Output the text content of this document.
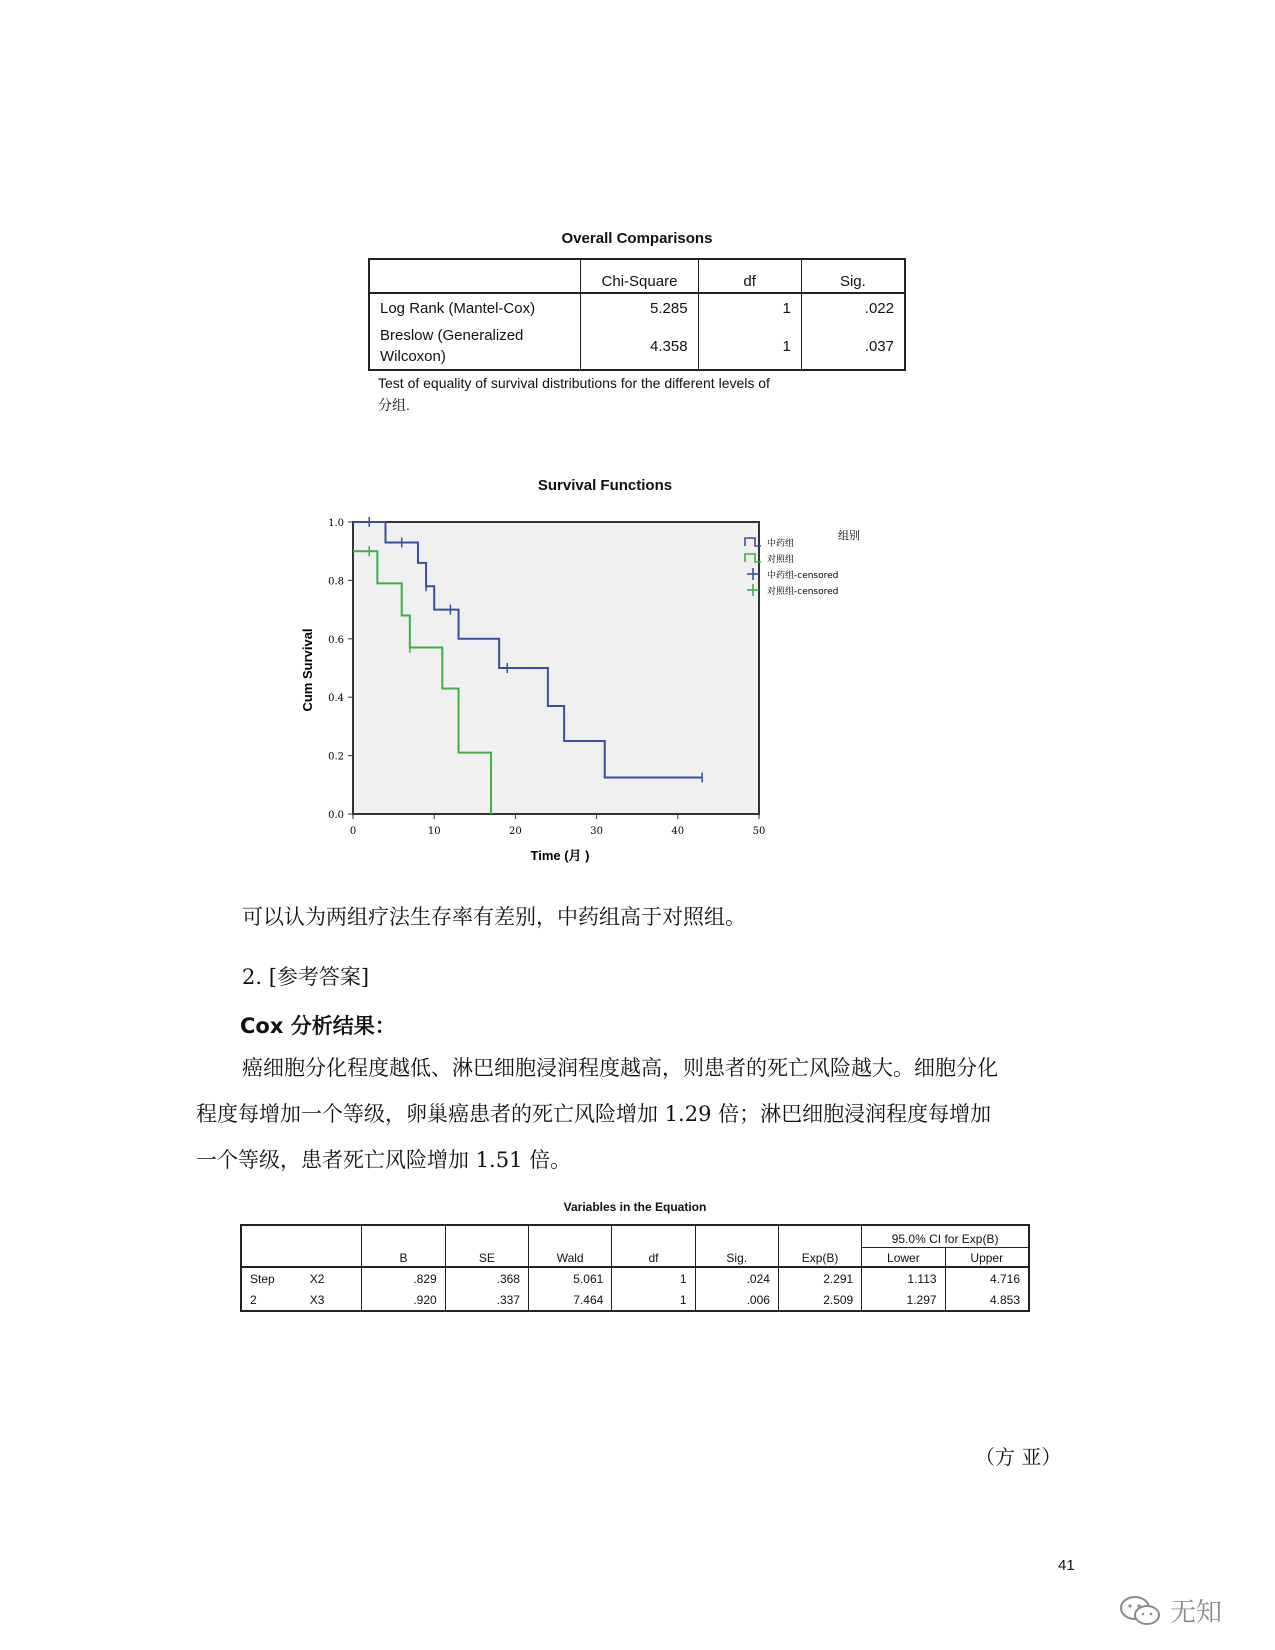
Overall Comparisons
	Chi-Square	df	Sig.
Log Rank (Mantel-Cox)	5.285	1	.022
Breslow (Generalized
Wilcoxon)	4.358	1	.037
Test of equality of survival distributions for the different levels of
分组.
Survival Functions
0.0
0.2
0.4
0.6
0.8
1.0
0	10	20	30	40	50
中药组
对照组
中药组-censored
对照组-censored
Cum Survival
Time (月 )
组别
可以认为两组疗法生存率有差别，中药组高于对照组。
2. [参考答案]
Cox 分析结果：
癌细胞分化程度越低、淋巴细胞浸润程度越高，则患者的死亡风险越大。细胞分化
程度每增加一个等级，卵巢癌患者的死亡风险增加 1.29 倍；淋巴细胞浸润程度每增加
一个等级，患者死亡风险增加 1.51 倍。
Variables in the Equation
		B	SE	Wald	df	Sig.	Exp(B)	95.0% CI for Exp(B)	
								Lower	Upper
Step	X2	.829	.368	5.061	1	.024	2.291	1.113	4.716
2	X3	.920	.337	7.464	1	.006	2.509	1.297	4.853
（方 亚）
41
无知
